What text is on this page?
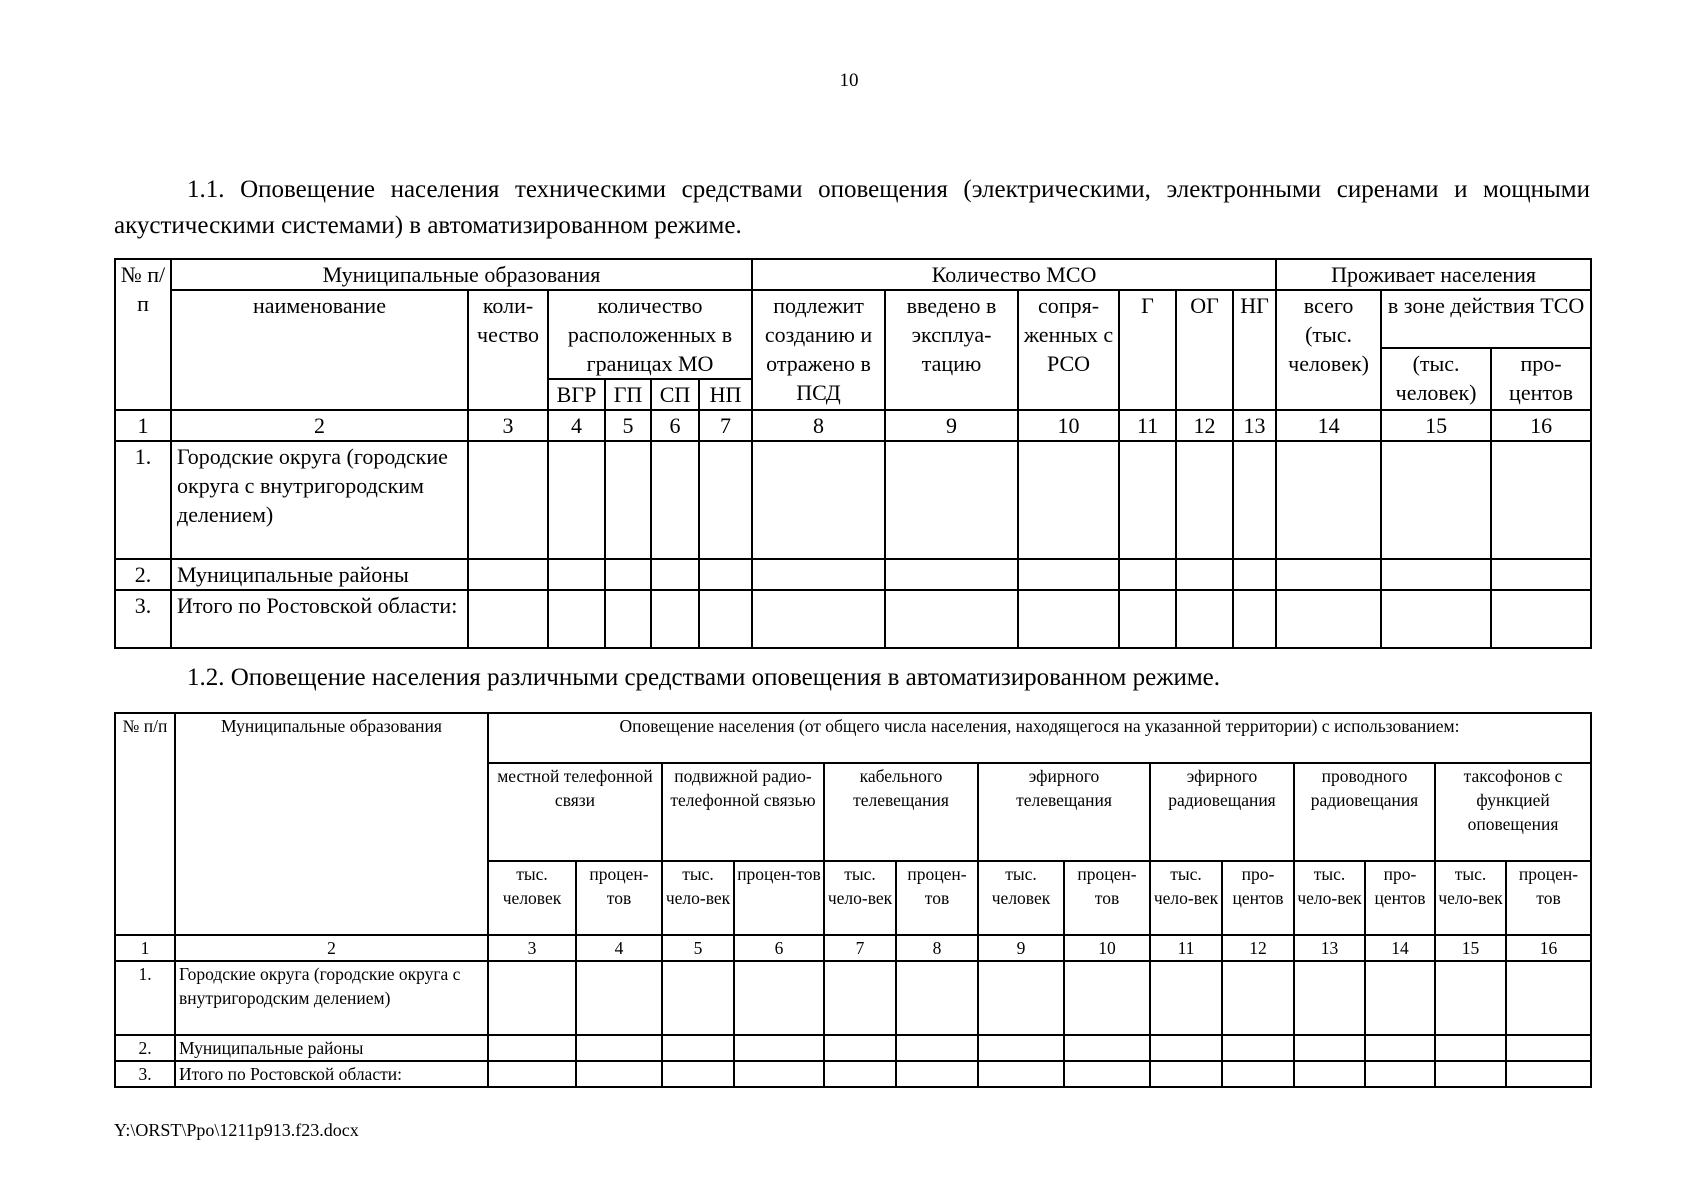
10
1.1. Оповещение населения техническими средствами оповещения (электрическими, электронными сиренами и мощными акустическими системами) в автоматизированном режиме.
№ п/п	Муниципальные образования						Количество МСО						Проживает населения		
	наименование	коли-чество	количество расположенных в границах МО				подлежит созданию и отражено в ПСД	введено в эксплуа-тацию	сопря-женных с РСО	Г	ОГ	НГ	всего (тыс. человек)	в зоне действия ТСО	

														(тыс. человек)	про-центов
			ВГР	ГП	СП	НП									
1	2	3	4	5	6	7	8	9	10	11	12	13	14	15	16
1.	Городские округа (городские округа с внутригородским делением)														
2.	Муниципальные районы														
3.	Итого по Ростовской области:														
1.2. Оповещение населения различными средствами оповещения в автоматизированном режиме.
№ п/п	Муниципальные образования	Оповещение населения (от общего числа населения, находящегося на указанной территории) с использованием:													
		местной телефонной связи		подвижной радио-телефонной связью		кабельного телевещания		эфирного телевещания		эфирного радиовещания		проводного радиовещания		таксофонов с функцией оповещения	
		тыс. человек	процен-тов	тыс. чело-век	процен-тов	тыс. чело-век	процен-тов	тыс. человек	процен-тов	тыс. чело-век	про-центов	тыс. чело-век	про-центов	тыс. чело-век	процен-тов
1	2	3	4	5	6	7	8	9	10	11	12	13	14	15	16
1.	Городские округа (городские округа с внутригородским делением)														
2.	Муниципальные районы														
3.	Итого по Ростовской области:														
Y:\ORST\Ppo\1211p913.f23.docx
